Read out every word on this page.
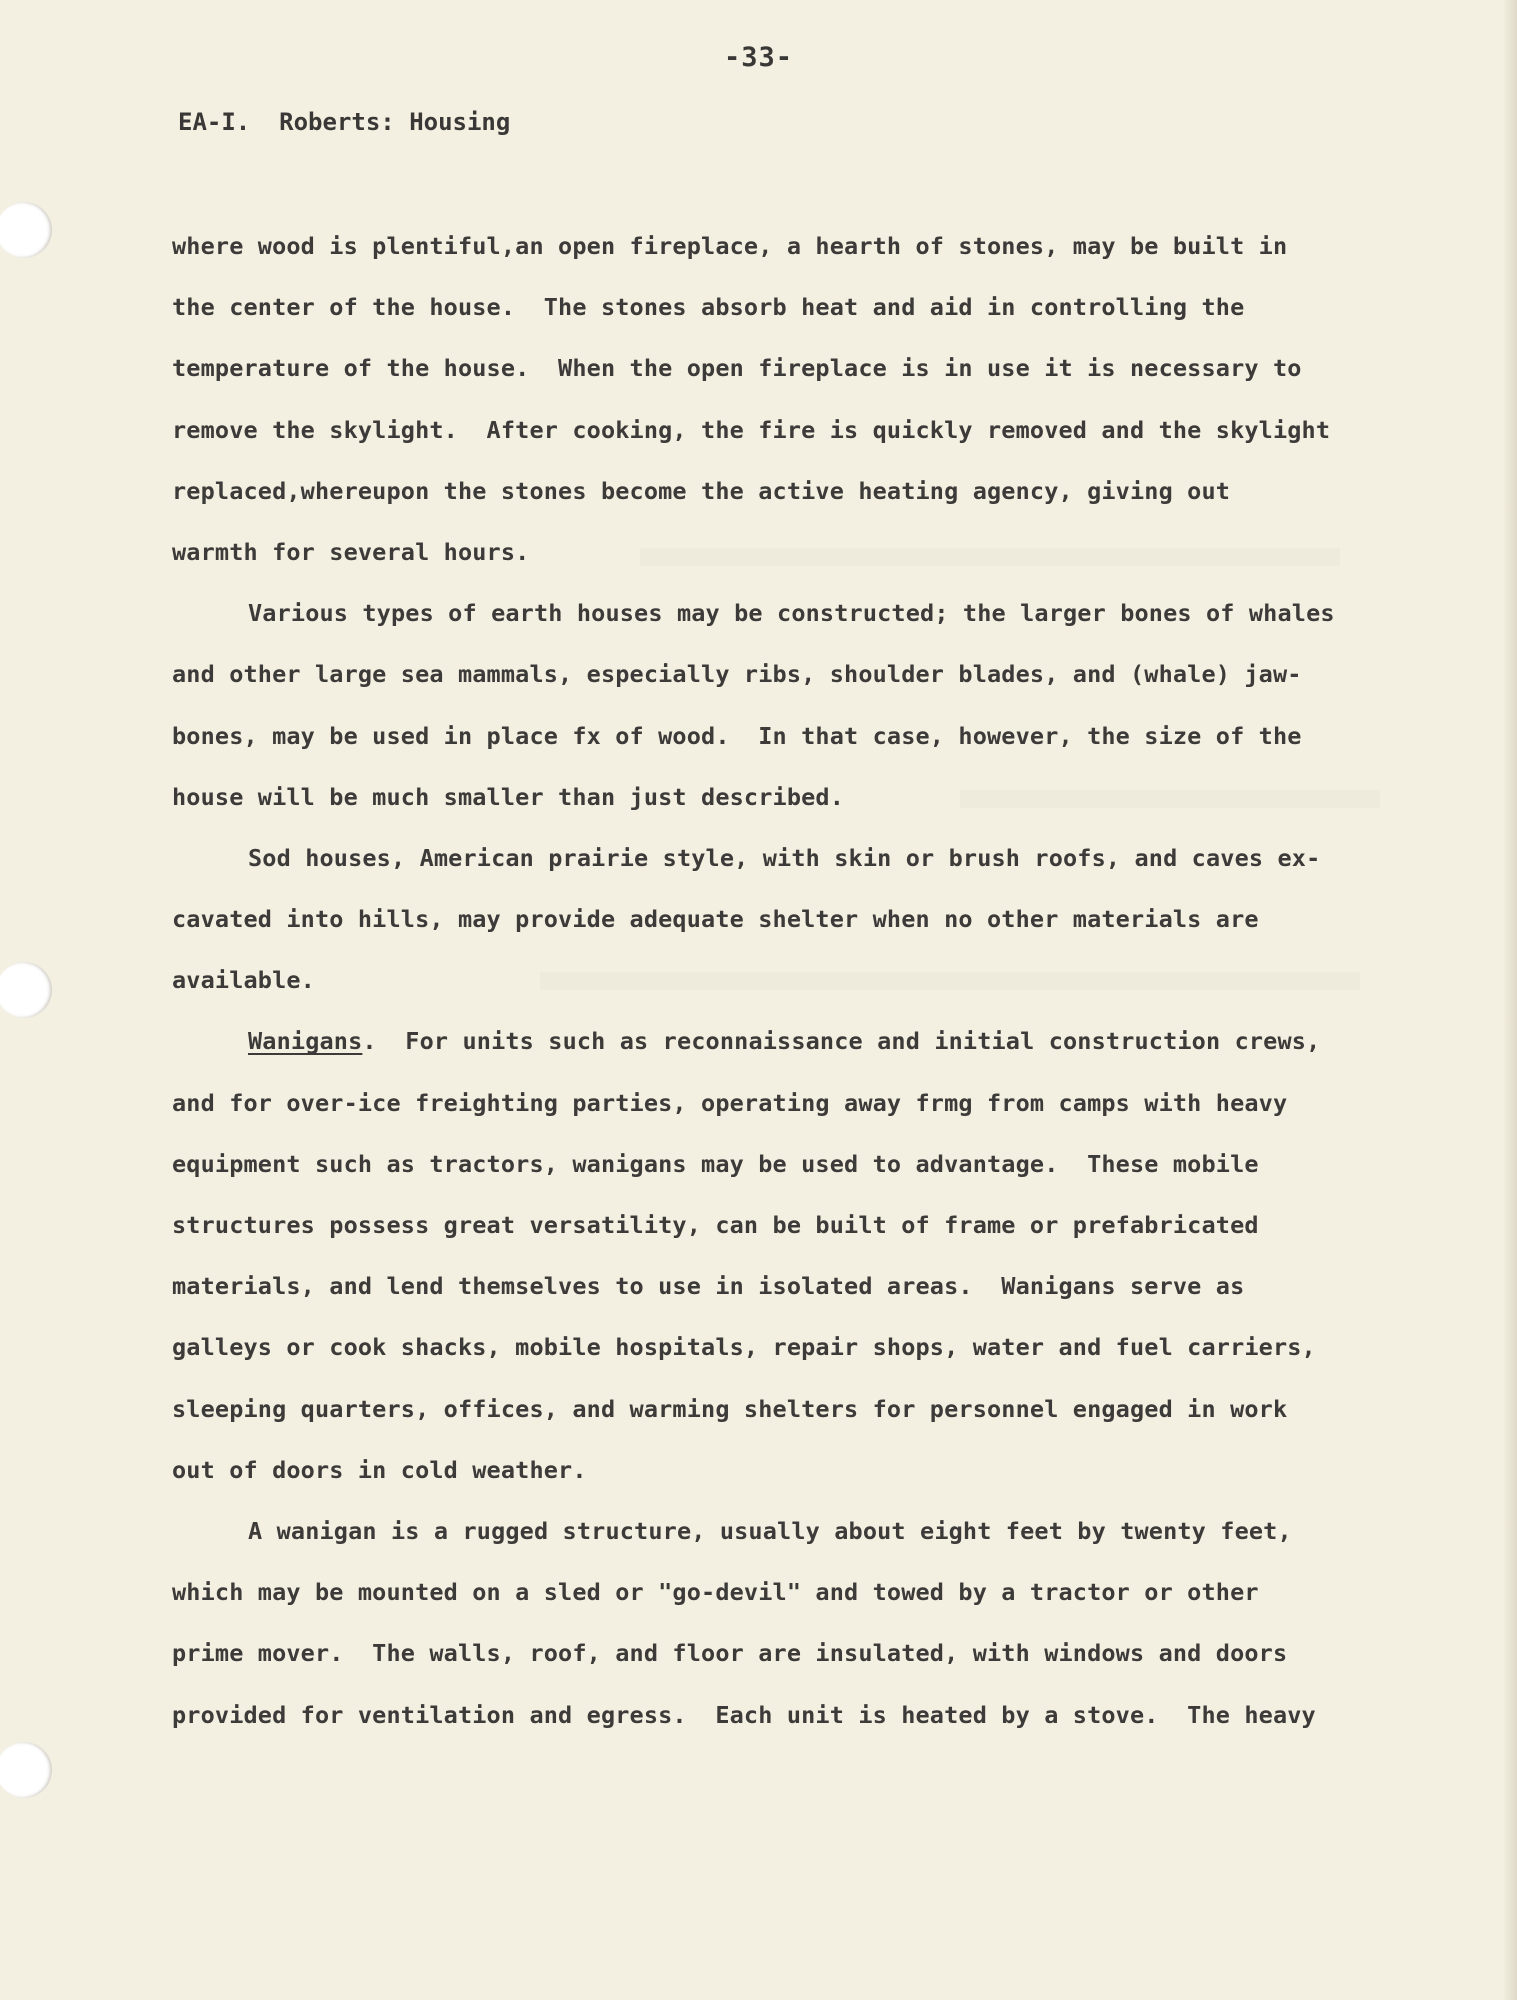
-33-
EA-I.  Roberts: Housing
where wood is plentiful,an open fireplace, a hearth of stones, may be built in
the center of the house.  The stones absorb heat and aid in controlling the
temperature of the house.  When the open fireplace is in use it is necessary to
remove the skylight.  After cooking, the fire is quickly removed and the skylight
replaced,whereupon the stones become the active heating agency, giving out
warmth for several hours.
Various types of earth houses may be constructed; the larger bones of whales
and other large sea mammals, especially ribs, shoulder blades, and (whale) jaw-
bones, may be used in place fx of wood.  In that case, however, the size of the
house will be much smaller than just described.
Sod houses, American prairie style, with skin or brush roofs, and caves ex-
cavated into hills, may provide adequate shelter when no other materials are
available.
Wanigans.  For units such as reconnaissance and initial construction crews,
and for over-ice freighting parties, operating away frmg from camps with heavy
equipment such as tractors, wanigans may be used to advantage.  These mobile
structures possess great versatility, can be built of frame or prefabricated
materials, and lend themselves to use in isolated areas.  Wanigans serve as
galleys or cook shacks, mobile hospitals, repair shops, water and fuel carriers,
sleeping quarters, offices, and warming shelters for personnel engaged in work
out of doors in cold weather.
A wanigan is a rugged structure, usually about eight feet by twenty feet,
which may be mounted on a sled or "go-devil" and towed by a tractor or other
prime mover.  The walls, roof, and floor are insulated, with windows and doors
provided for ventilation and egress.  Each unit is heated by a stove.  The heavy
